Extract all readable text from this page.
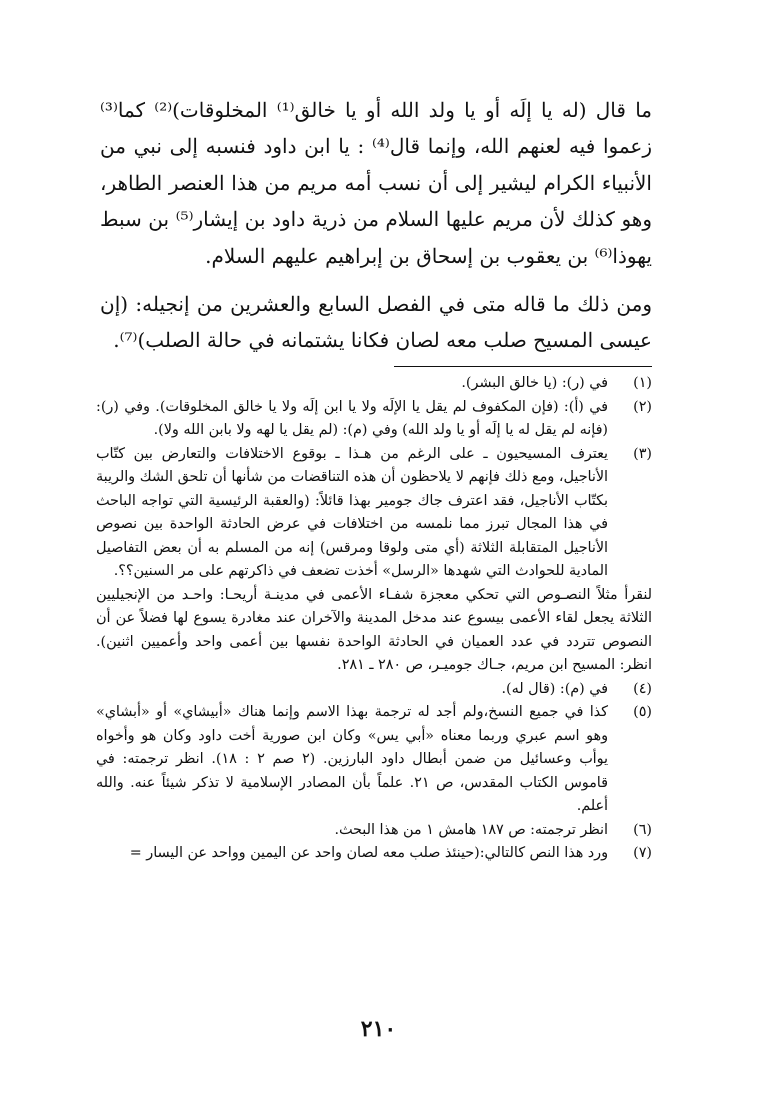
ما قال (له يا إلَه أو يا ولد الله أو يا خالق⁽¹⁾ المخلوقات)⁽²⁾ كما⁽³⁾ زعموا فيه لعنهم الله، وإنما قال⁽⁴⁾ : يا ابن داود فنسبه إلى نبي من الأنبياء الكرام ليشير إلى أن نسب أمه مريم من هذا العنصر الطاهر، وهو كذلك لأن مريم عليها السلام من ذرية داود بن إيشار⁽⁵⁾ بن سبط يهوذا⁽⁶⁾ بن يعقوب بن إسحاق بن إبراهيم عليهم السلام.

ومن ذلك ما قاله متى في الفصل السابع والعشرين من إنجيله: (إن عيسى المسيح صلب معه لصان فكانا يشتمانه في حالة الصلب)⁽⁷⁾.

(١)
في (ر): (يا خالق البشر).
(٢)
في (أ): (فإن المكفوف لم يقل يا الإلَه ولا يا ابن إلَه ولا يا خالق المخلوقات). وفي (ر): (فإنه لم يقل له يا إلَه أو يا ولد الله) وفي (م): (لم يقل يا لهه ولا بابن الله ولا).
(٣)
يعترف المسيحيون ـ على الرغم من هـذا ـ بوقوع الاختلافات والتعارض بين كتّاب الأناجيل، ومع ذلك فإنهم لا يلاحظون أن هذه التناقضات من شأنها أن تلحق الشك والريبة بكتّاب الأناجيل، فقد اعترف جاك جومير بهذا قائلاً: (والعقبة الرئيسية التي تواجه الباحث في هذا المجال تبرز مما نلمسه من اختلافات في عرض الحادثة الواحدة بين نصوص الأناجيل المتقابلة الثلاثة (أي متى ولوقا ومرقس) إنه من المسلم به أن بعض التفاصيل المادية للحوادث التي شهدها «الرسل» أخذت تضعف في ذاكرتهم على مر السنين؟؟.
لنقرأ مثلاً النصـوص التي تحكي معجزة شفـاء الأعمى في مدينـة أريحـا: واحـد من الإنجيليين الثلاثة يجعل لقاء الأعمى بيسوع عند مدخل المدينة والآخران عند مغادرة يسوع لها فضلاً عن أن النصوص تتردد في عدد العميان في الحادثة الواحدة نفسها بين أعمى واحد وأعميين اثنين). انظر: المسيح ابن مريم، جـاك جوميـر، ص ٢٨٠ ـ ٢٨١.
(٤)
في (م): (قال له).
(٥)
كذا في جميع النسخ،ولم أجد له ترجمة بهذا الاسم وإنما هناك «أبيشاي» أو «أبشاي» وهو اسم عبري وربما معناه «أبي يس» وكان ابن صورية أخت داود وكان هو وأخواه يوأب وعسائيل من ضمن أبطال داود البارزين. (٢ صم ٢ : ١٨). انظر ترجمته: في قاموس الكتاب المقدس، ص ٢١. علماً بأن المصادر الإسلامية لا تذكر شيئاً عنه. والله أعلم.
(٦)
انظر ترجمته: ص ١٨٧ هامش ١ من هذا البحث.
(٧)
ورد هذا النص كالتالي:(حينئذ صلب معه لصان واحد عن اليمين وواحد عن اليسار =
٢١٠
